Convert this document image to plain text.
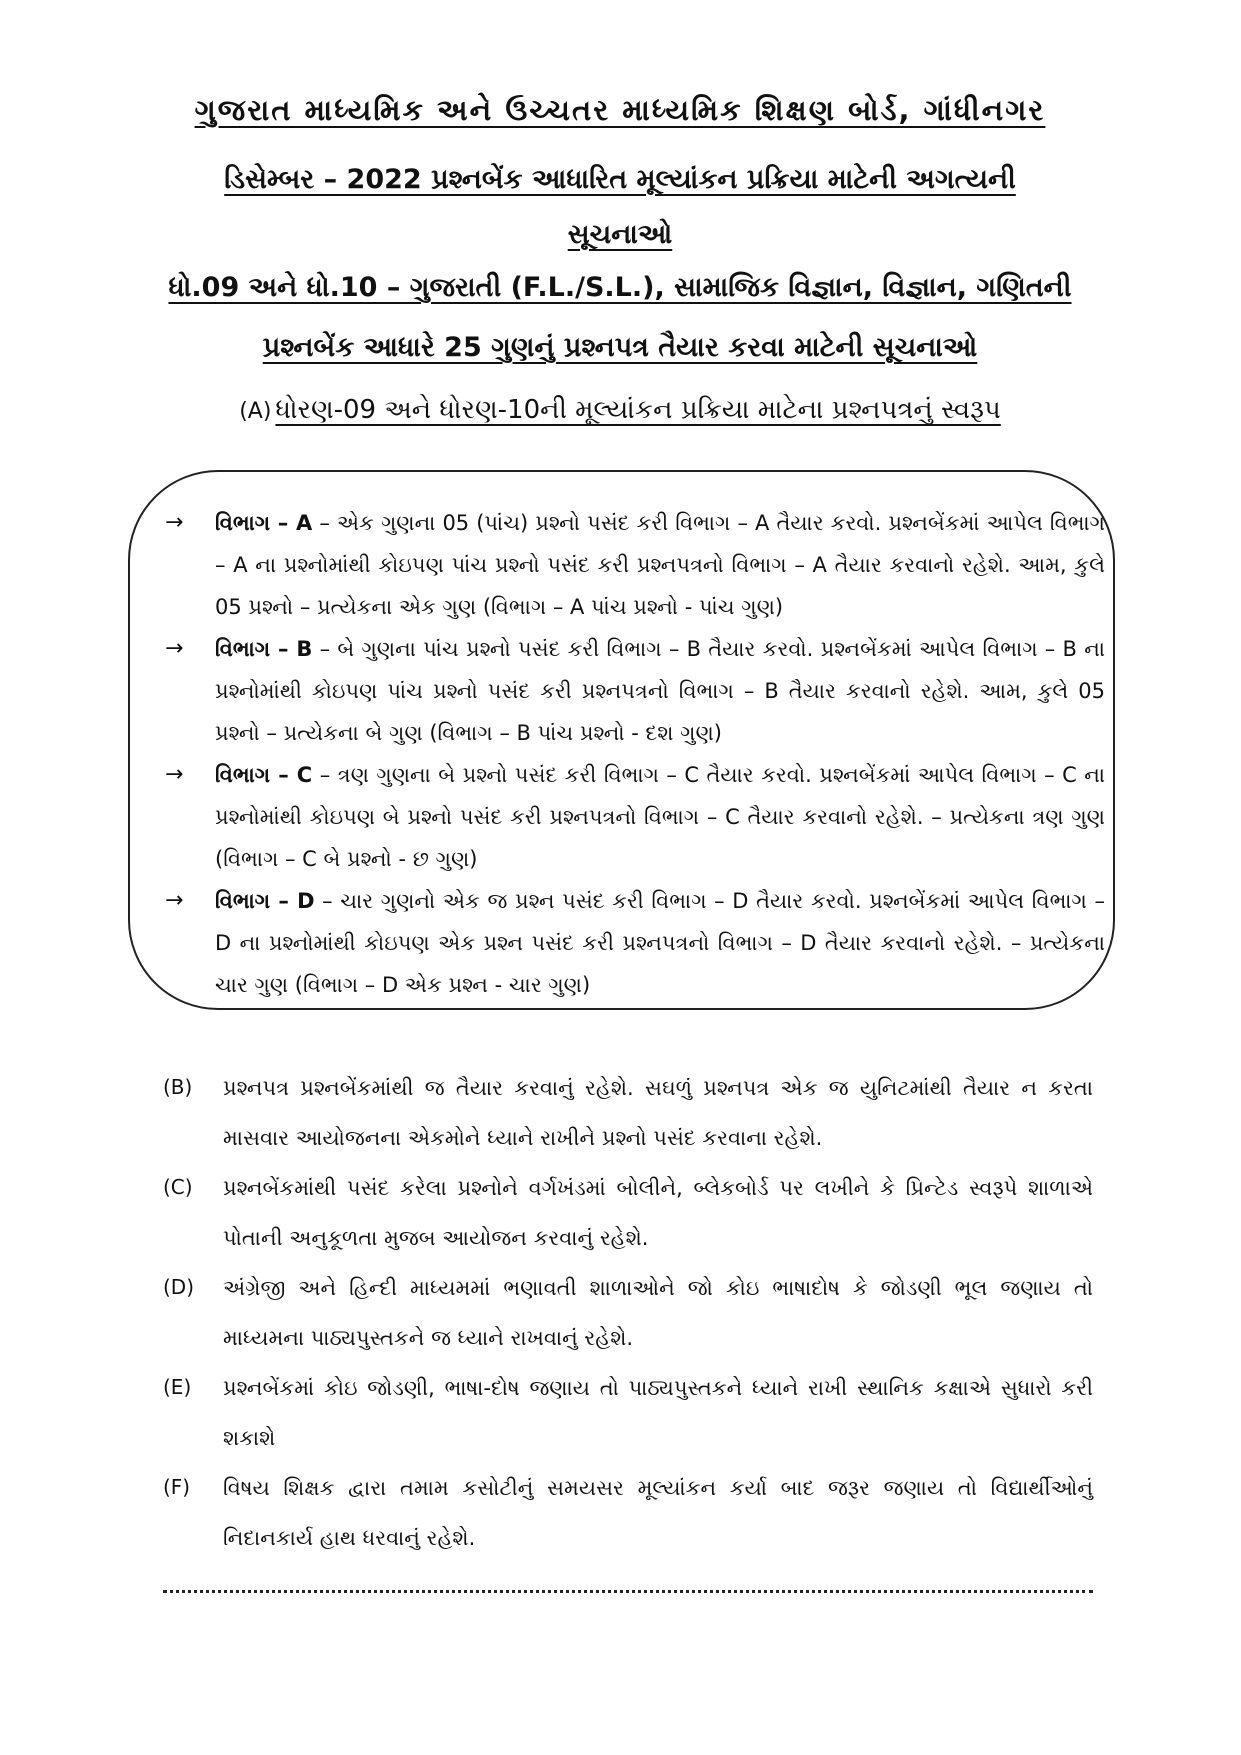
ગુજરાત માધ્યમિક અને ઉચ્ચતર માધ્યમિક શિક્ષણ બોર્ડ, ગાંધીનગર
ડિસેમ્બર – 2022 પ્રશ્નબેંક આધારિત મૂલ્યાંકન પ્રક્રિયા માટેની અગત્યની
સૂચનાઓ
ધો.09 અને ધો.10 – ગુજરાતી (F.L./S.L.), સામાજિક વિજ્ઞાન, વિજ્ઞાન, ગણિતની
પ્રશ્નબેંક આધારે 25 ગુણનું પ્રશ્નપત્ર તૈયાર કરવા માટેની સૂચનાઓ
(A) ધોરણ-09 અને ધોરણ-10ની મૂલ્યાંકન પ્રક્રિયા માટેના પ્રશ્નપત્રનું સ્વરૂપ
→ વિભાગ – A – એક ગુણના 05 (પાંચ) પ્રશ્નો પસંદ કરી વિભાગ – A તૈયાર કરવો. પ્રશ્નબેંકમાં આપેલ વિભાગ – A ના પ્રશ્નોમાંથી કોઇપણ પાંચ પ્રશ્નો પસંદ કરી પ્રશ્નપત્રનો વિભાગ – A તૈયાર કરવાનો રહેશે. આમ, કુલે 05 પ્રશ્નો – પ્રત્યેકના એક ગુણ (વિભાગ – A પાંચ પ્રશ્નો - પાંચ ગુણ)
→ વિભાગ – B – બે ગુણના પાંચ પ્રશ્નો પસંદ કરી વિભાગ – B તૈયાર કરવો. પ્રશ્નબેંકમાં આપેલ વિભાગ – B ના પ્રશ્નોમાંથી કોઇપણ પાંચ પ્રશ્નો પસંદ કરી પ્રશ્નપત્રનો વિભાગ – B તૈયાર કરવાનો રહેશે. આમ, કુલે 05 પ્રશ્નો – પ્રત્યેકના બે ગુણ (વિભાગ – B પાંચ પ્રશ્નો - દશ ગુણ)
→ વિભાગ – C – ત્રણ ગુણના બે પ્રશ્નો પસંદ કરી વિભાગ – C તૈયાર કરવો. પ્રશ્નબેંકમાં આપેલ વિભાગ – C ના પ્રશ્નોમાંથી કોઇપણ બે પ્રશ્નો પસંદ કરી પ્રશ્નપત્રનો વિભાગ – C તૈયાર કરવાનો રહેશે. – પ્રત્યેકના ત્રણ ગુણ (વિભાગ – C બે પ્રશ્નો - છ ગુણ)
→ વિભાગ – D – ચાર ગુણનો એક જ પ્રશ્ન પસંદ કરી વિભાગ – D તૈયાર કરવો. પ્રશ્નબેંકમાં આપેલ વિભાગ – D ના પ્રશ્નોમાંથી કોઇપણ એક પ્રશ્ન પસંદ કરી પ્રશ્નપત્રનો વિભાગ – D તૈયાર કરવાનો રહેશે. – પ્રત્યેકના ચાર ગુણ (વિભાગ – D એક પ્રશ્ન - ચાર ગુણ)
(B) પ્રશ્નપત્ર પ્રશ્નબેંકમાંથી જ તૈયાર કરવાનું રહેશે. સઘળું પ્રશ્નપત્ર એક જ યુનિટમાંથી તૈયાર ન કરતા માસવાર આયોજનના એકમોને ધ્યાને રાખીને પ્રશ્નો પસંદ કરવાના રહેશે.
(C) પ્રશ્નબેંકમાંથી પસંદ કરેલા પ્રશ્નોને વર્ગખંડમાં બોલીને, બ્લેકબોર્ડ પર લખીને કે પ્રિન્ટેડ સ્વરૂપે શાળાએ પોતાની અનુકૂળતા મુજબ આયોજન કરવાનું રહેશે.
(D) અંગ્રેજી અને હિન્દી માધ્યમમાં ભણાવતી શાળાઓને જો કોઇ ભાષાદોષ કે જોડણી ભૂલ જણાય તો માધ્યમના પાઠ્યપુસ્તકને જ ધ્યાને રાખવાનું રહેશે.
(E) પ્રશ્નબેંકમાં કોઇ જોડણી, ભાષા-દોષ જણાય તો પાઠ્યપુસ્તકને ધ્યાને રાખી સ્થાનિક કક્ષાએ સુધારો કરી શકાશે
(F) વિષય શિક્ષક દ્વારા તમામ કસોટીનું સમયસર મૂલ્યાંકન કર્યા બાદ જરૂર જણાય તો વિદ્યાર્થીઓનું નિદાનકાર્ય હાથ ધરવાનું રહેશે.
